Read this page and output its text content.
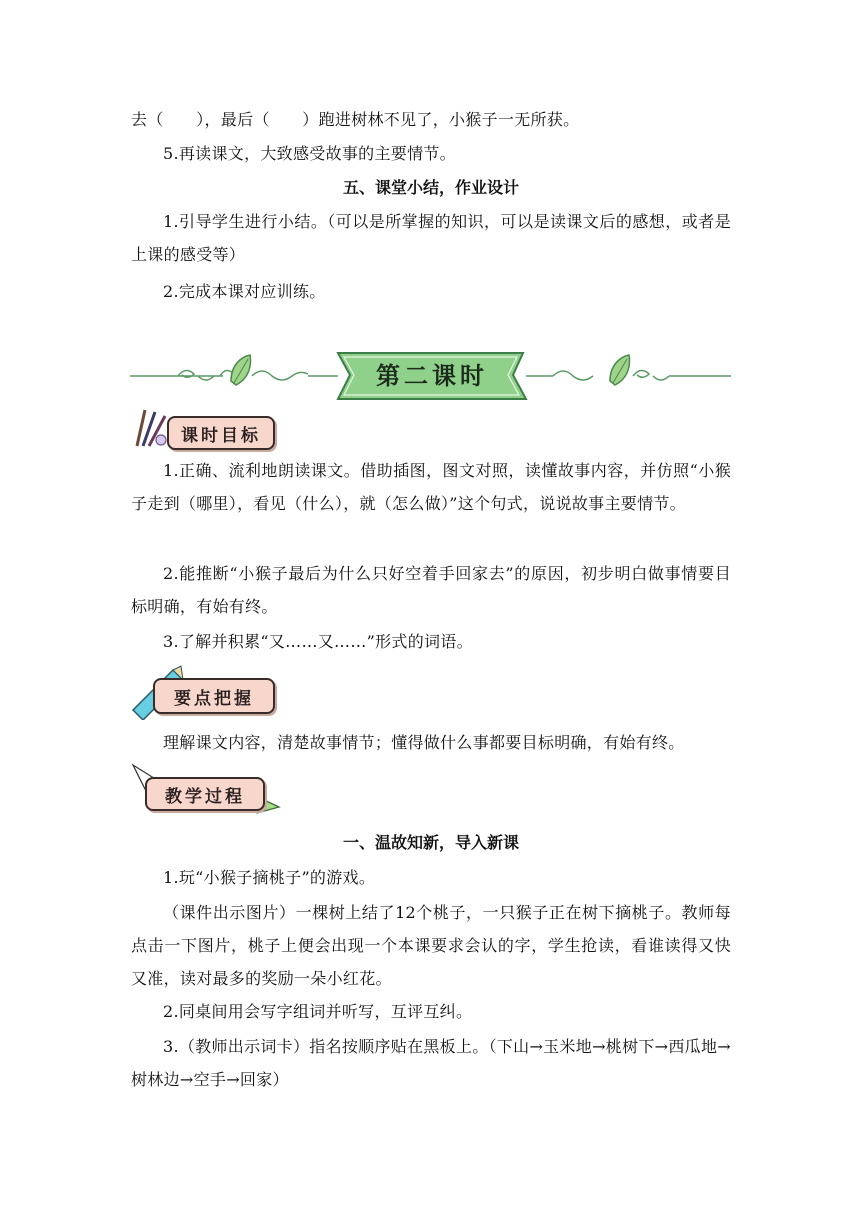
去（　　），最后（　　）跑进树林不见了，小猴子一无所获。
5.再读课文，大致感受故事的主要情节。
五、课堂小结，作业设计
1.引导学生进行小结。（可以是所掌握的知识，可以是读课文后的感想，或者是上课的感受等）
2.完成本课对应训练。
第二课时
课时目标
1.正确、流利地朗读课文。借助插图，图文对照，读懂故事内容，并仿照“小猴子走到（哪里），看见（什么），就（怎么做）”这个句式，说说故事主要情节。
2.能推断“小猴子最后为什么只好空着手回家去”的原因，初步明白做事情要目标明确，有始有终。
3.了解并积累“又……又……”形式的词语。
要点把握
理解课文内容，清楚故事情节；懂得做什么事都要目标明确，有始有终。
教学过程
一、温故知新，导入新课
1.玩“小猴子摘桃子”的游戏。
（课件出示图片）一棵树上结了12个桃子，一只猴子正在树下摘桃子。教师每点击一下图片，桃子上便会出现一个本课要求会认的字，学生抢读，看谁读得又快又准，读对最多的奖励一朵小红花。
2.同桌间用会写字组词并听写，互评互纠。
3.（教师出示词卡）指名按顺序贴在黑板上。（下山→玉米地→桃树下→西瓜地→树林边→空手→回家）
